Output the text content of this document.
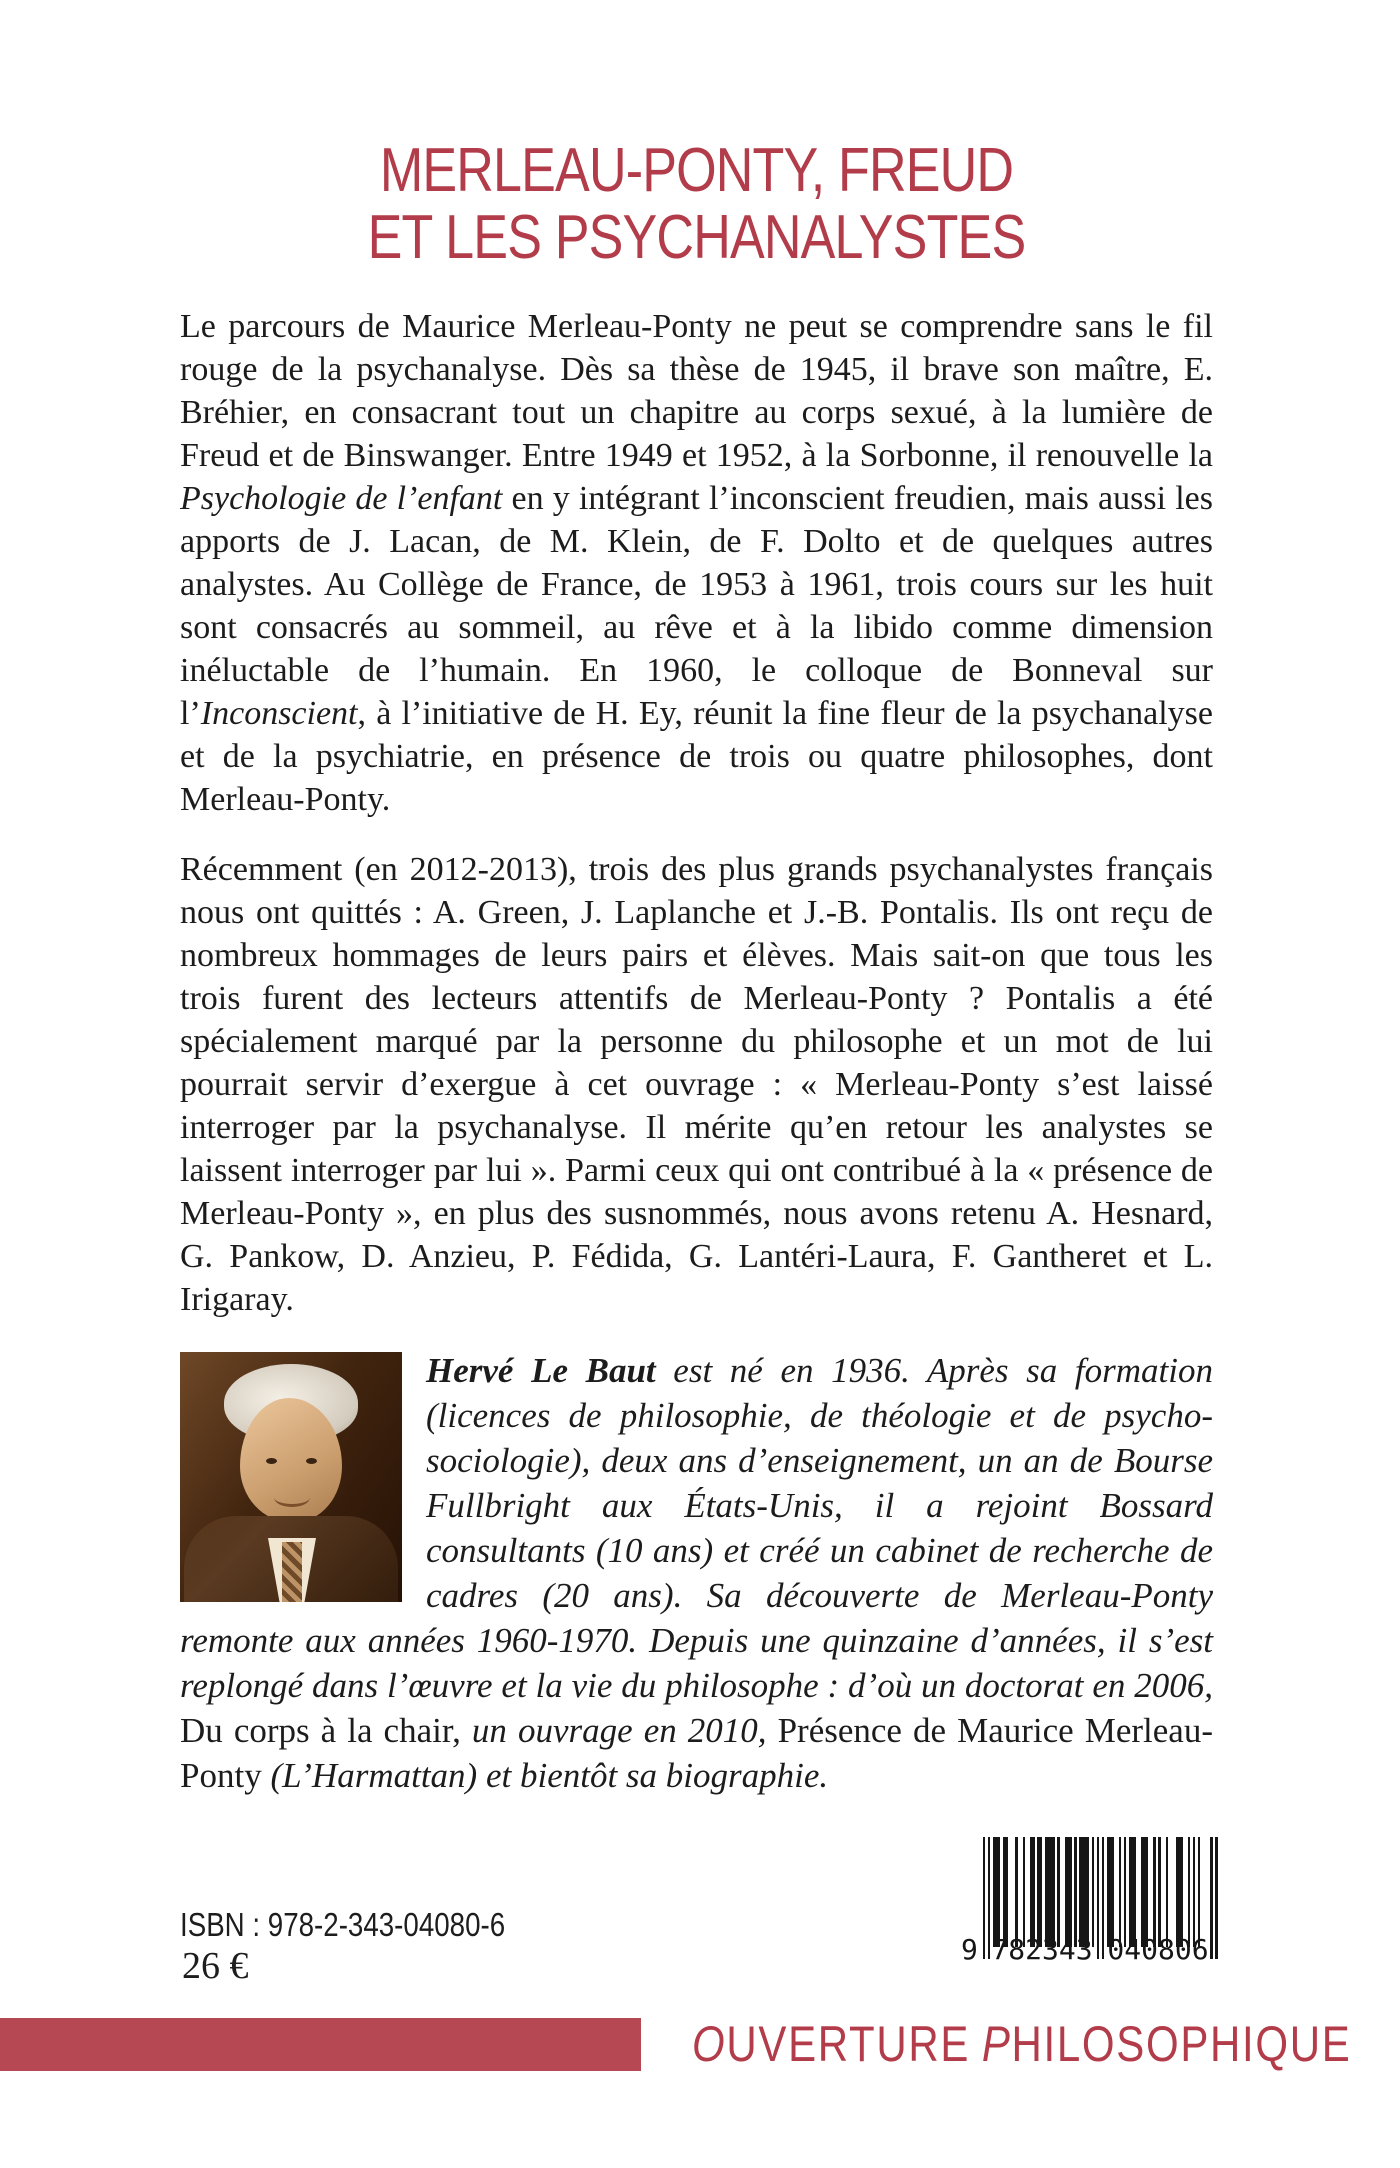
MERLEAU-PONTY, FREUD
ET LES PSYCHANALYSTES

Le parcours de Maurice Merleau-Ponty ne peut se comprendre sans le fil rouge de la psychanalyse. Dès sa thèse de 1945, il brave son maître, E. Bréhier, en consacrant tout un chapitre au corps sexué, à la lumière de Freud et de Binswanger. Entre 1949 et 1952, à la Sorbonne, il renouvelle la Psychologie de l’enfant en y intégrant l’inconscient freudien, mais aussi les apports de J. Lacan, de M. Klein, de F. Dolto et de quelques autres analystes. Au Collège de France, de 1953 à 1961, trois cours sur les huit sont consacrés au sommeil, au rêve et à la libido comme dimension inéluctable de l’humain. En 1960, le colloque de Bonneval sur l’Inconscient, à l’initiative de H. Ey, réunit la fine fleur de la psychanalyse et de la psychiatrie, en présence de trois ou quatre philosophes, dont Merleau-Ponty.

Récemment (en 2012-2013), trois des plus grands psychanalystes français nous ont quittés : A. Green, J. Laplanche et J.-B. Pontalis. Ils ont reçu de nombreux hommages de leurs pairs et élèves. Mais sait-on que tous les trois furent des lecteurs attentifs de Merleau-Ponty ? Pontalis a été spécialement marqué par la personne du philosophe et un mot de lui pourrait servir d’exergue à cet ouvrage : « Merleau-Ponty s’est laissé interroger par la psychanalyse. Il mérite qu’en retour les analystes se laissent interroger par lui ». Parmi ceux qui ont contribué à la « présence de Merleau-Ponty », en plus des susnommés, nous avons retenu A. Hesnard, G. Pankow, D. Anzieu, P. Fédida, G. Lantéri-Laura, F. Gantheret et L. Irigaray.

Hervé Le Baut est né en 1936. Après sa formation (licences de philosophie, de théologie et de psycho-sociologie), deux ans d’enseignement, un an de Bourse Fullbright aux États-Unis, il a rejoint Bossard consultants (10 ans) et créé un cabinet de recherche de cadres (20 ans). Sa découverte de Merleau-Ponty remonte aux années 1960-1970. Depuis une quinzaine d’années, il s’est replongé dans l’œuvre et la vie du philosophe : d’où un doctorat en 2006, Du corps à la chair, un ouvrage en 2010, Présence de Maurice Merleau-Ponty (L’Harmattan) et bientôt sa biographie.

ISBN : 978-2-343-04080-6
26 €	9 782343 040806
OUVERTURE PHILOSOPHIQUE
